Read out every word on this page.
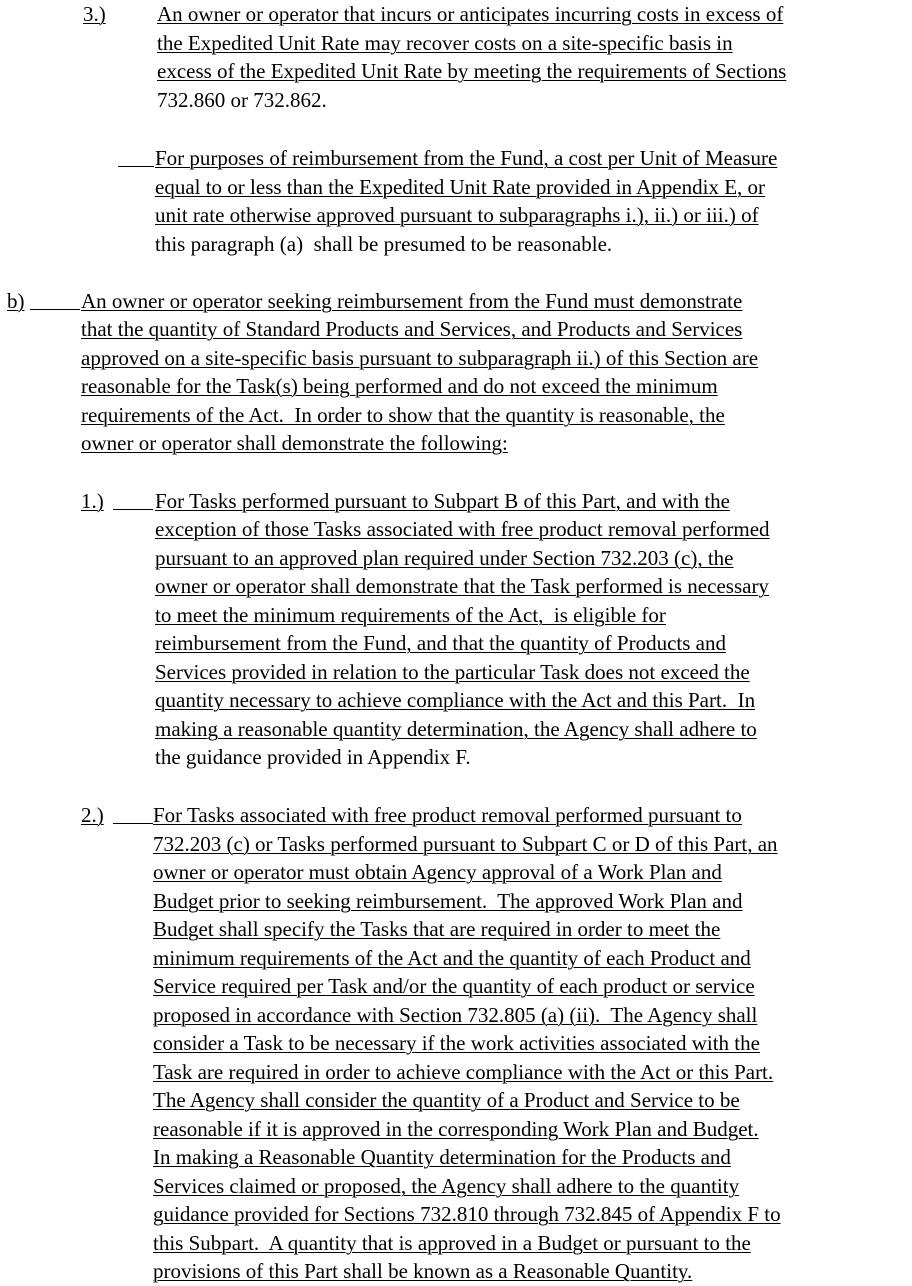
3.) An owner or operator that incurs or anticipates incurring costs in excess of
the Expedited Unit Rate may recover costs on a site-specific basis in
excess of the Expedited Unit Rate by meeting the requirements of Sections
732.860 or 732.862.
For purposes of reimbursement from the Fund, a cost per Unit of Measure
equal to or less than the Expedited Unit Rate provided in Appendix E, or
unit rate otherwise approved pursuant to subparagraphs i.), ii.) or iii.) of
this paragraph (a)  shall be presumed to be reasonable.
b)	An owner or operator seeking reimbursement from the Fund must demonstrate
that the quantity of Standard Products and Services, and Products and Services
approved on a site-specific basis pursuant to subparagraph ii.) of this Section are
reasonable for the Task(s) being performed and do not exceed the minimum
requirements of the Act.  In order to show that the quantity is reasonable, the
owner or operator shall demonstrate the following:
1.) For Tasks performed pursuant to Subpart B of this Part, and with the
exception of those Tasks associated with free product removal performed
pursuant to an approved plan required under Section 732.203 (c), the
owner or operator shall demonstrate that the Task performed is necessary
to meet the minimum requirements of the Act,  is eligible for
reimbursement from the Fund, and that the quantity of Products and
Services provided in relation to the particular Task does not exceed the
quantity necessary to achieve compliance with the Act and this Part.  In
making a reasonable quantity determination, the Agency shall adhere to
the guidance provided in Appendix F.
2.) For Tasks associated with free product removal performed pursuant to
732.203 (c) or Tasks performed pursuant to Subpart C or D of this Part, an
owner or operator must obtain Agency approval of a Work Plan and
Budget prior to seeking reimbursement.  The approved Work Plan and
Budget shall specify the Tasks that are required in order to meet the
minimum requirements of the Act and the quantity of each Product and
Service required per Task and/or the quantity of each product or service
proposed in accordance with Section 732.805 (a) (ii).  The Agency shall
consider a Task to be necessary if the work activities associated with the
Task are required in order to achieve compliance with the Act or this Part.
The Agency shall consider the quantity of a Product and Service to be
reasonable if it is approved in the corresponding Work Plan and Budget.
In making a Reasonable Quantity determination for the Products and
Services claimed or proposed, the Agency shall adhere to the quantity
guidance provided for Sections 732.810 through 732.845 of Appendix F to
this Subpart.  A quantity that is approved in a Budget or pursuant to the
provisions of this Part shall be known as a Reasonable Quantity.
